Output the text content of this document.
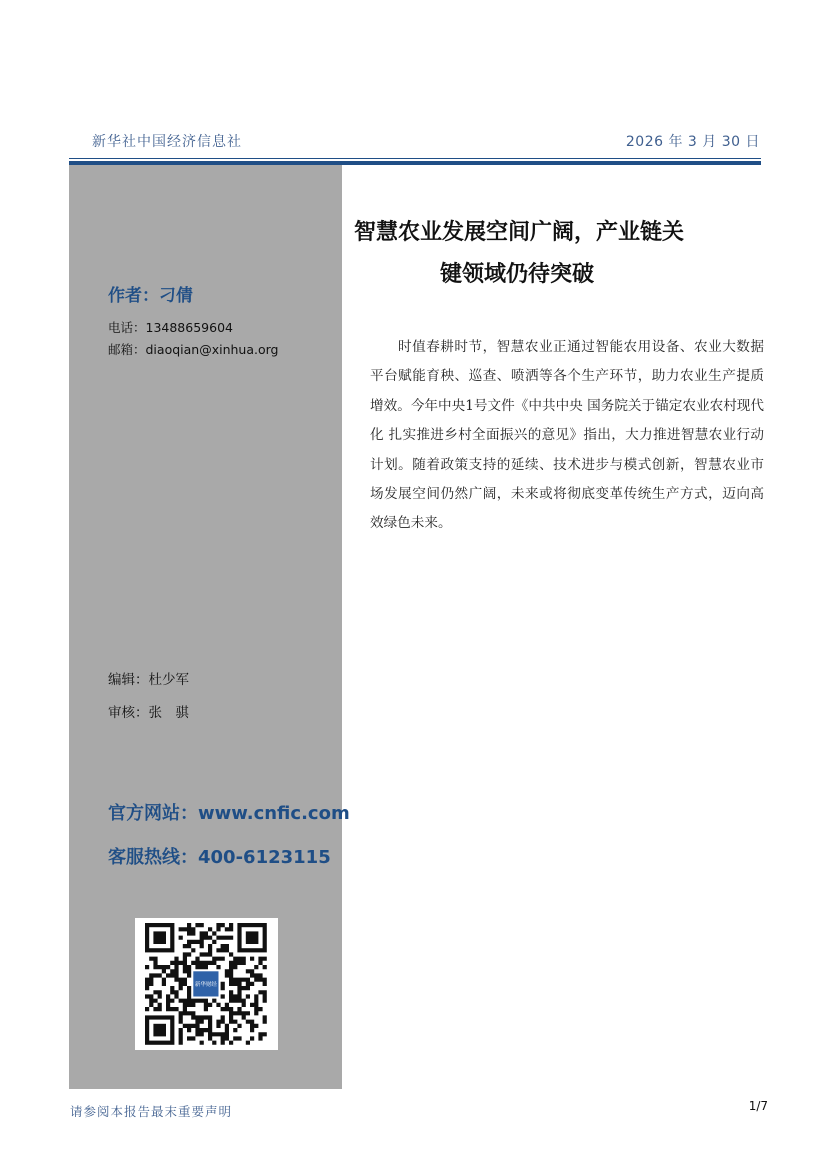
新华社中国经济信息社	2026 年 3 月 30 日
作者：刁倩
电话：13488659604
邮箱：diaoqian@xinhua.org
编辑：杜少军
审核：张　骐
官方网站：www.cnfic.com
客服热线：400-6123115
新华财经
智慧农业发展空间广阔，产业链关
键领域仍待突破
时值春耕时节，智慧农业正通过智能农用设备、农业大数据平台赋能育秧、巡查、喷洒等各个生产环节，助力农业生产提质增效。今年中央1号文件《中共中央 国务院关于锚定农业农村现代化 扎实推进乡村全面振兴的意见》指出，大力推进智慧农业行动计划。随着政策支持的延续、技术进步与模式创新，智慧农业市场发展空间仍然广阔，未来或将彻底变革传统生产方式，迈向高效绿色未来。
请参阅本报告最末重要声明	1/7
